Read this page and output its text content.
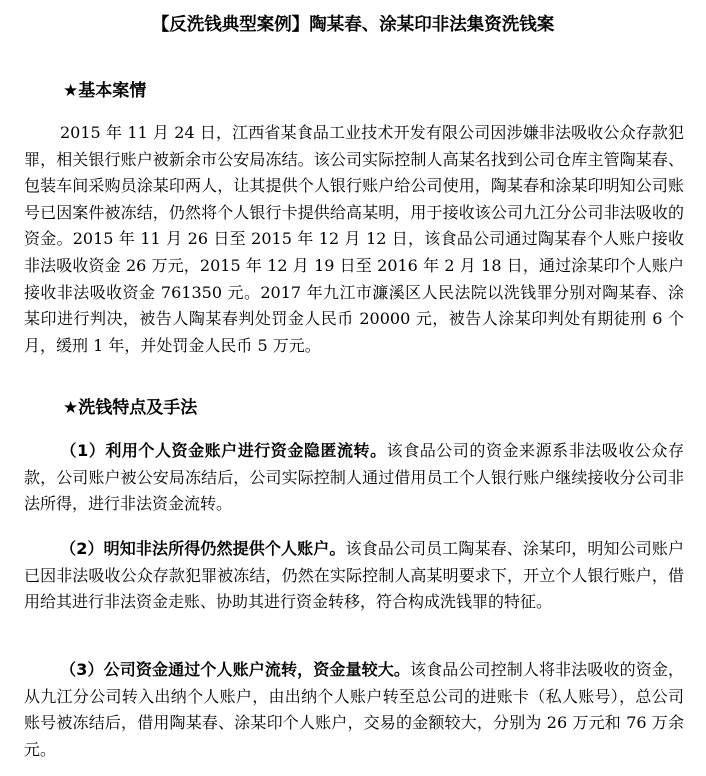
【反洗钱典型案例】陶某春、涂某印非法集资洗钱案
★基本案情

2015 年 11 月 24 日，江西省某食品工业技术开发有限公司因涉嫌非法吸收公众存款犯罪，相关银行账户被新余市公安局冻结。该公司实际控制人高某名找到公司仓库主管陶某春、包装车间采购员涂某印两人，让其提供个人银行账户给公司使用，陶某春和涂某印明知公司账号已因案件被冻结，仍然将个人银行卡提供给高某明，用于接收该公司九江分公司非法吸收的资金。2015 年 11 月 26 日至 2015 年 12 月 12 日，该食品公司通过陶某春个人账户接收非法吸收资金 26 万元，2015 年 12 月 19 日至 2016 年 2 月 18 日，通过涂某印个人账户接收非法吸收资金 761350 元。2017 年九江市濂溪区人民法院以洗钱罪分别对陶某春、涂某印进行判决，被告人陶某春判处罚金人民币 20000 元，被告人涂某印判处有期徒刑 6 个月，缓刑 1 年，并处罚金人民币 5 万元。

★洗钱特点及手法

（1）利用个人资金账户进行资金隐匿流转。该食品公司的资金来源系非法吸收公众存款，公司账户被公安局冻结后，公司实际控制人通过借用员工个人银行账户继续接收分公司非法所得，进行非法资金流转。

（2）明知非法所得仍然提供个人账户。该食品公司员工陶某春、涂某印，明知公司账户已因非法吸收公众存款犯罪被冻结，仍然在实际控制人高某明要求下，开立个人银行账户，借用给其进行非法资金走账、协助其进行资金转移，符合构成洗钱罪的特征。

（3）公司资金通过个人账户流转，资金量较大。该食品公司控制人将非法吸收的资金，从九江分公司转入出纳个人账户，由出纳个人账户转至总公司的进账卡（私人账号），总公司账号被冻结后，借用陶某春、涂某印个人账户，交易的金额较大，分别为 26 万元和 76 万余元。
